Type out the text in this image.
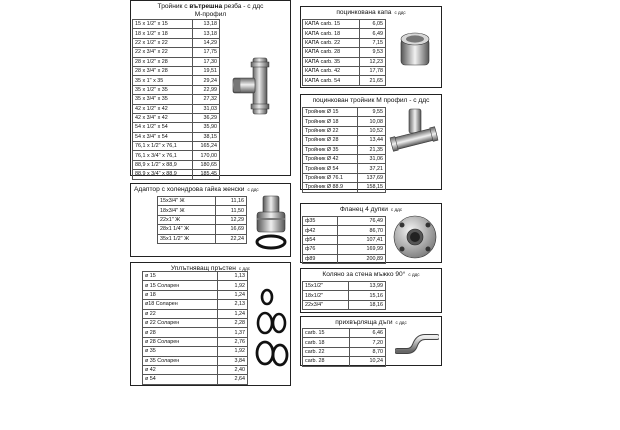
Тройник с вътрешна резба - с ддс
M-профил
15 x 1/2" x 15	13,18
18 x 1/2" x 18	13,18
22 x 1/2" x 22	14,29
22 x 3/4" x 22	17,75
28 x 1/2" x 28	17,30
28 x 3/4" x 28	19,51
35 x 1" x 35	29,24
35 x 1/2" x 35	22,99
35 x 3/4" x 35	27,32
42 x 1/2" x 42	31,03
42 x 3/4" x 42	36,29
54 x 1/2" x 54	35,90
54 x 3/4" x 54	38,15
76,1 x 1/2" x 76,1	165,24
76,1 x 3/4" x 76,1	170,00
88,9 x 1/2" x 88,9	180,65
88,9 x 3/4" x 88,9	185,45
поцинкована капа с ддс
КАПА carb. 15	6,05
КАПА carb. 18	6,49
КАПА carb. 22	7,15
КАПА carb. 28	9,53
КАПА carb. 35	12,23
КАПА carb. 42	17,78
КАПА carb. 54	21,65
поцинкован тройник М профил - с ддс
Тройник Ø 15	9,55
Тройник Ø 18	10,08
Тройник Ø 22	10,52
Тройник Ø 28	13,44
Тройник Ø 35	21,35
Тройник Ø 42	31,06
Тройник Ø 54	37,21
Тройник Ø 76.1	137,69
Тройник Ø 88.9	158,15
Адаптор с холендрова гайка женски с ддс
15x3/4" Ж	11,16
18x3/4" Ж	11,50
22x1" Ж	12,29
28x1 1/4" Ж	16,69
35x1 1/2" Ж	22,24
Фланец 4 дупки с ддс
ф35	76,49
ф42	86,70
ф54	107,41
ф76	169,99
ф89	200,89
Уплътняващ пръстен с ддс
ø 15	1,13
ø 15 Соларен	1,92
ø 18	1,24
ø18 Соларен	2,13
ø 22	1,24
ø 22 Соларен	2,28
ø 28	1,37
ø 28 Соларен	2,76
ø 35	1,92
ø 35 Соларен	3,84
ø 42	2,40
ø 54	2,64
Коляно за стена мъжко 90° с ддс
15x1/2"	13,99
18x1/2"	15,16
22x3/4"	18,16
прихвърляща дъги с ддс
carb. 15	6,46
carb. 18	7,20
carb. 22	8,70
carb. 28	10,24
